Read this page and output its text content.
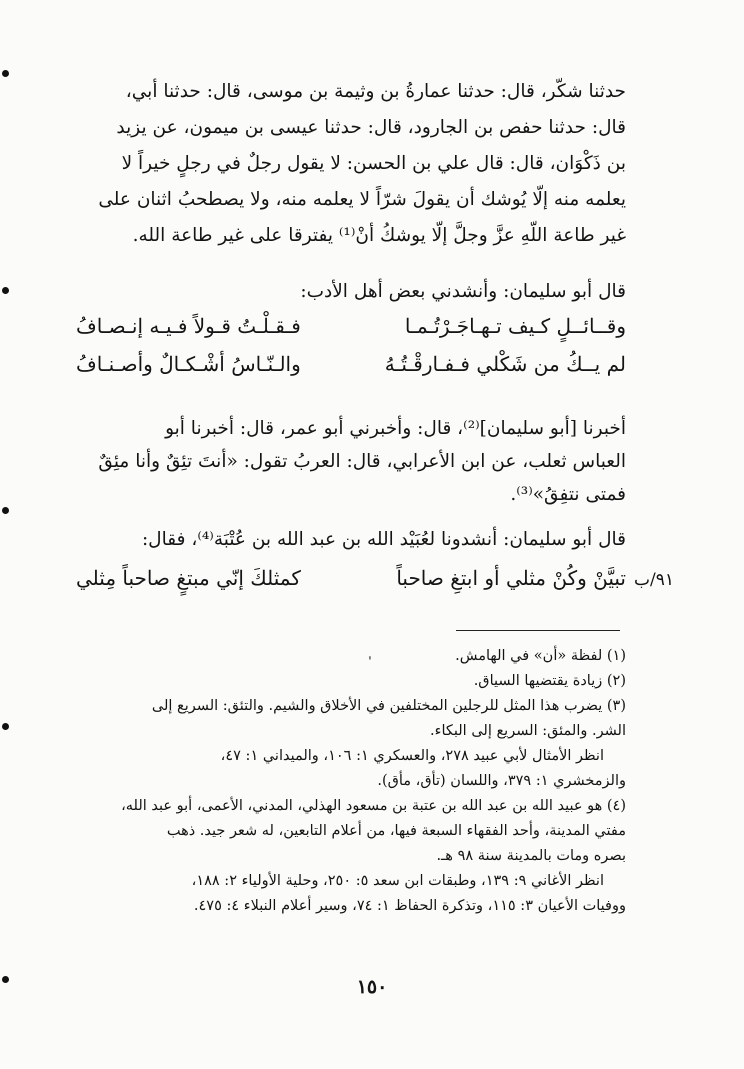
حدثنا شكّر، قال: حدثنا عمارةُ بن وثيمة بن موسى، قال: حدثنا أبي،
قال: حدثنا حفص بن الجارود، قال: حدثنا عيسى بن ميمون، عن يزيد
بن ذَكْوَان، قال: قال علي بن الحسن: لا يقول رجلٌ في رجلٍ خيراً لا
يعلمه منه إلّا يُوشك أن يقولَ شرّاً لا يعلمه منه، ولا يصطحبُ اثنان على
غير طاعة اللّهِ عزَّ وجلَّ إلّا يوشكُ أنْ⁽¹⁾ يفترقا على غير طاعة الله.
قال أبو سليمان: وأنشدني بعض أهل الأدب:
وقــائــلٍ كـيف تـهـاجَـرْتُـمـا
فـقـلْـتُ قـولاً فـيـه إنـصـافُ
لم يــكُ من شَكْلي فـفـارقْـتُـهُ
والـنّـاسُ أشْـكـالٌ وأصـنـافُ
أخبرنا [أبو سليمان]⁽²⁾، قال: وأخبرني أبو عمر، قال: أخبرنا أبو
العباس ثعلب، عن ابن الأعرابي، قال: العربُ تقول: «أنتَ تئِقٌ وأنا مئِقٌ
فمتى نتفِقُ»⁽³⁾.
قال أبو سليمان: أنشدونا لعُبَيْد الله بن عبد الله بن عُتْبَة⁽⁴⁾، فقال:
تبيَّنْ وكُنْ مثلي أو ابتغِ صاحباً
كمثلكَ إنّي مبتغٍ صاحباً مِثلي	٩١/ب
ˌ	(١) لفظة «أن» في الهامش.
(٢) زيادة يقتضيها السياق.
(٣) يضرب هذا المثل للرجلين المختلفين في الأخلاق والشيم. والتئق: السريع إلى
الشر. والمئق: السريع إلى البكاء.
انظر الأمثال لأبي عبيد ٢٧٨، والعسكري ١: ١٠٦، والميداني ١: ٤٧،
والزمخشري ١: ٣٧٩، واللسان (تأق، مأق).
(٤) هو عبيد الله بن عبد الله بن عتبة بن مسعود الهذلي، المدني، الأعمى، أبو عبد الله،
مفتي المدينة، وأحد الفقهاء السبعة فيها، من أعلام التابعين، له شعر جيد. ذهب
بصره ومات بالمدينة سنة ٩٨ هـ.
انظر الأغاني ٩: ١٣٩، وطبقات ابن سعد ٥: ٢٥٠، وحلية الأولياء ٢: ١٨٨،
ووفيات الأعيان ٣: ١١٥، وتذكرة الحفاظ ١: ٧٤، وسير أعلام النبلاء ٤: ٤٧٥.
١٥٠
